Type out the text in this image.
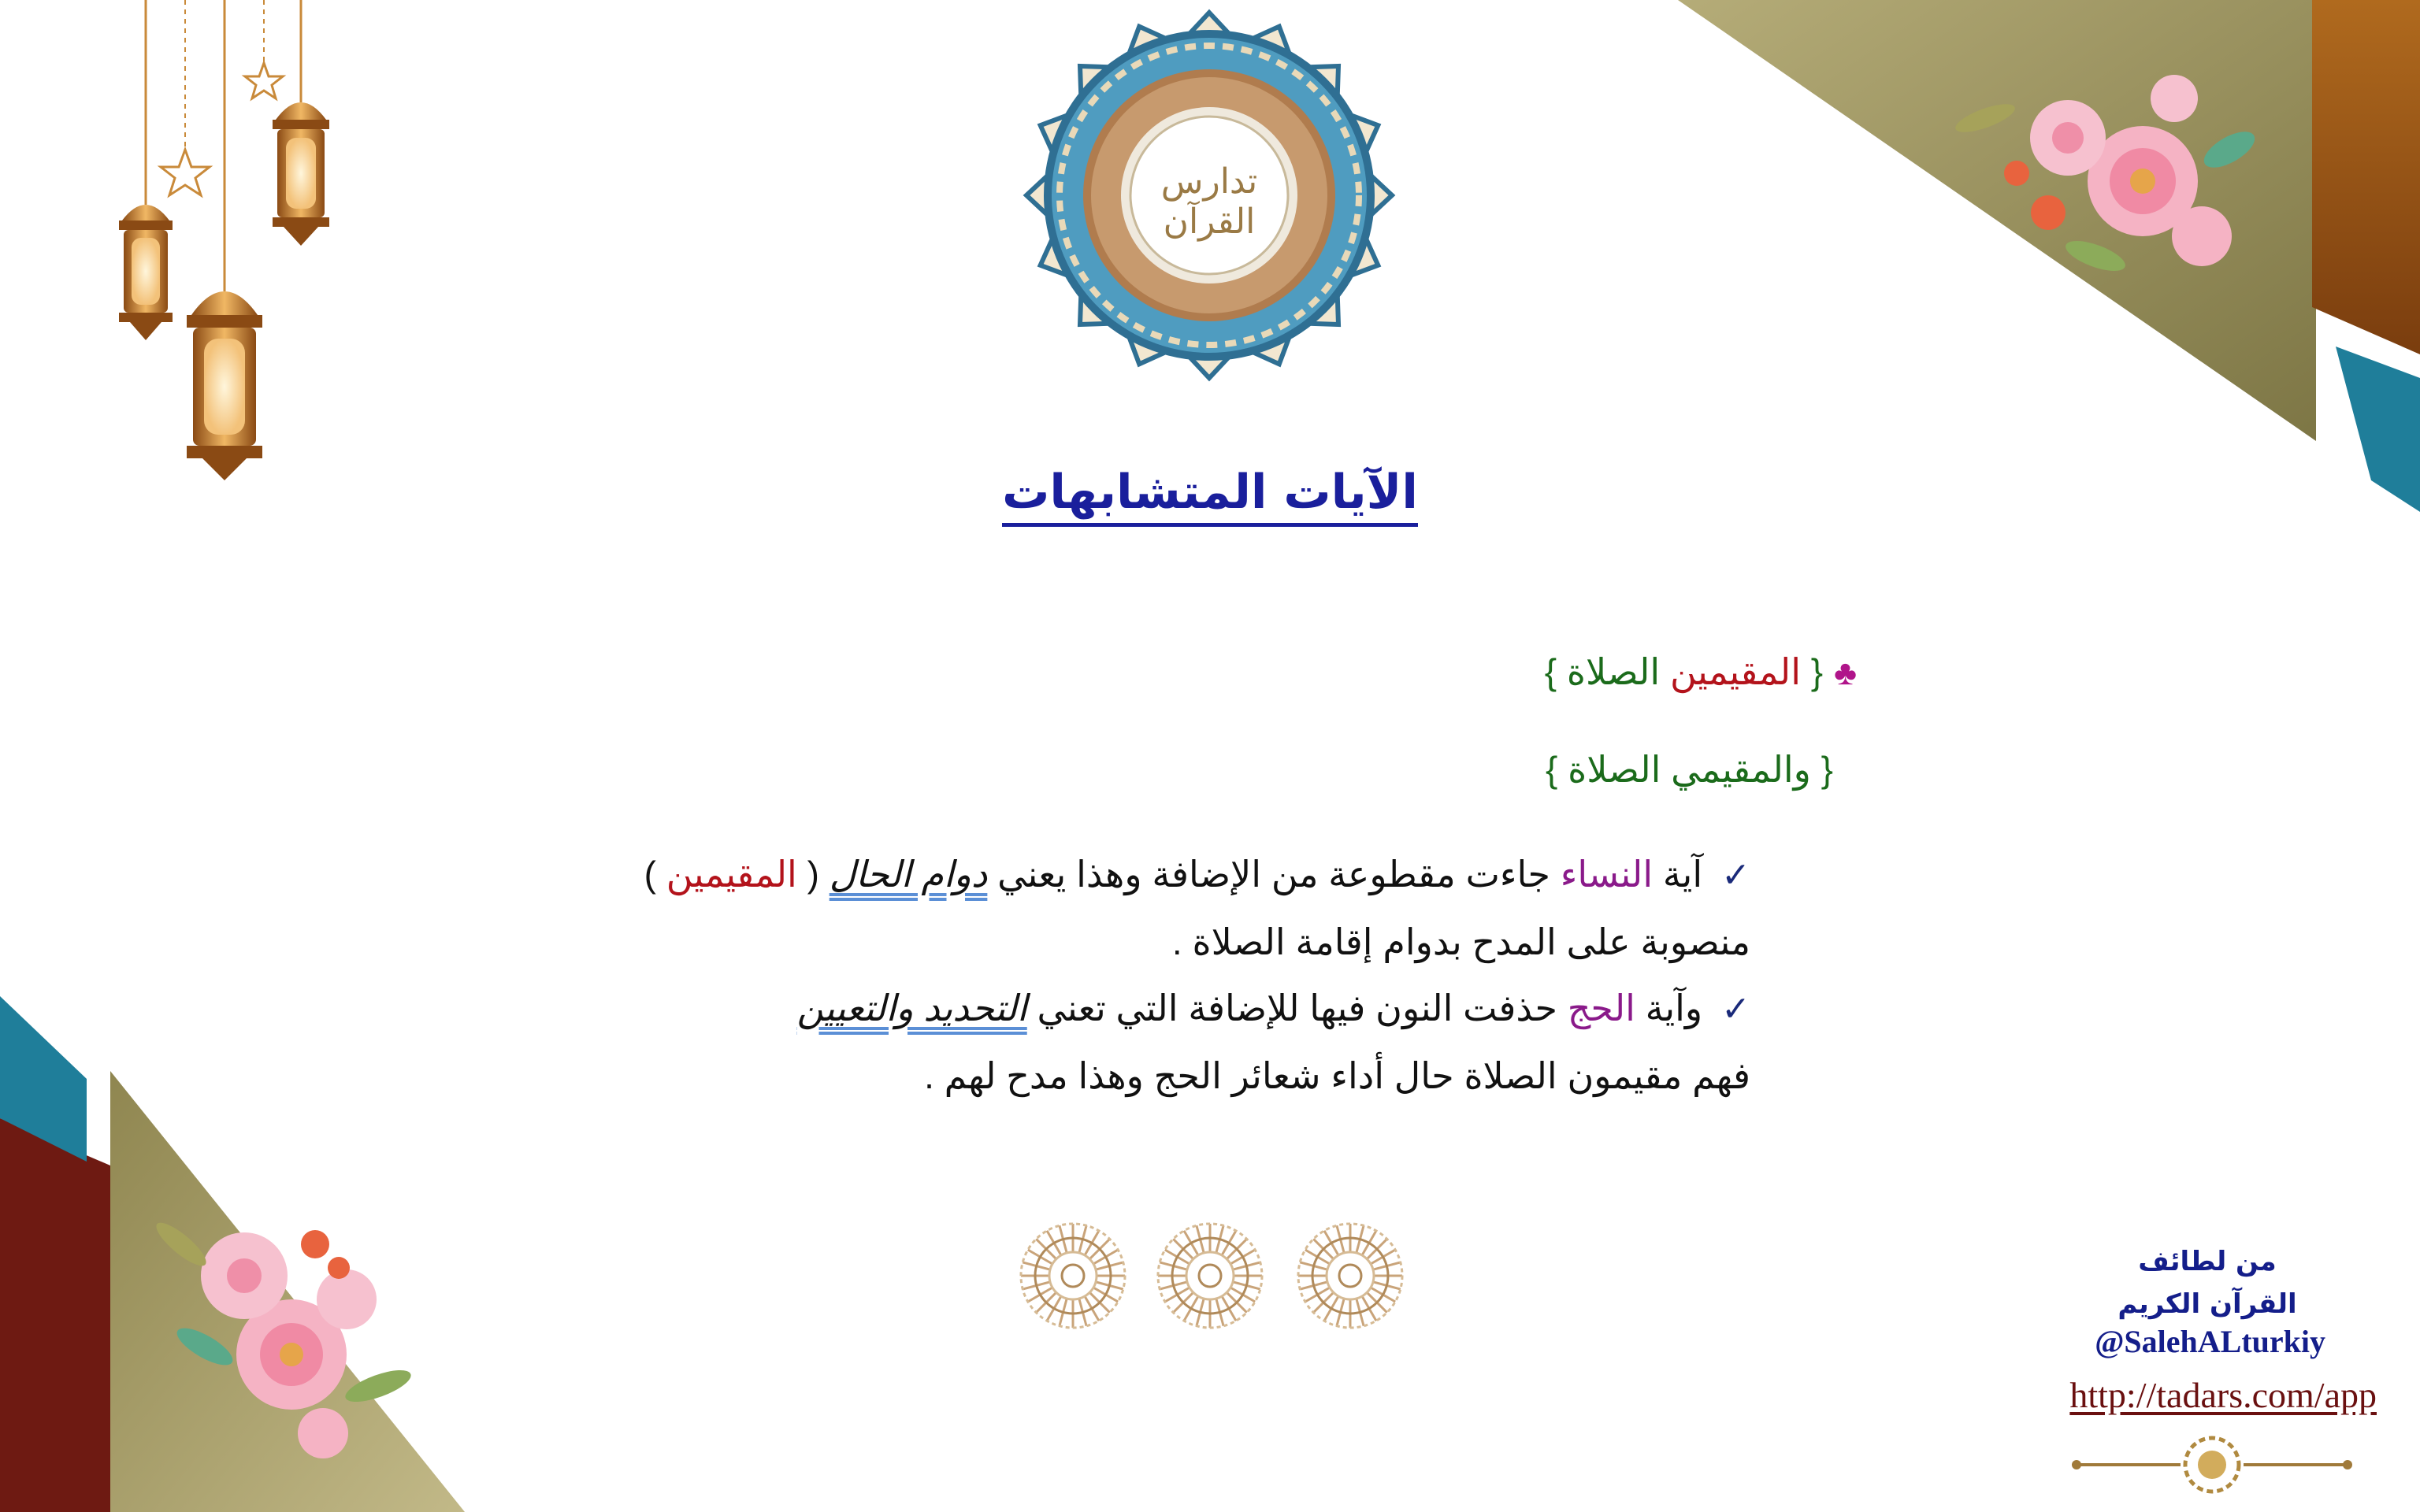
تدارس القرآن
الآيات المتشابهات
♣{ المقيمين الصلاة }
{ والمقيمي الصلاة }
✓آية النساء جاءت مقطوعة من الإضافة وهذا يعني دوام الحال ( المقيمين )
منصوبة على المدح بدوام إقامة الصلاة .
✓وآية الحج حذفت النون فيها للإضافة التي تعني التحديد والتعيين
فهم مقيمون الصلاة حال أداء شعائر الحج وهذا مدح لهم .
من لطائف
القرآن الكريم
@SalehALturkiy
http://tadars.com/app
